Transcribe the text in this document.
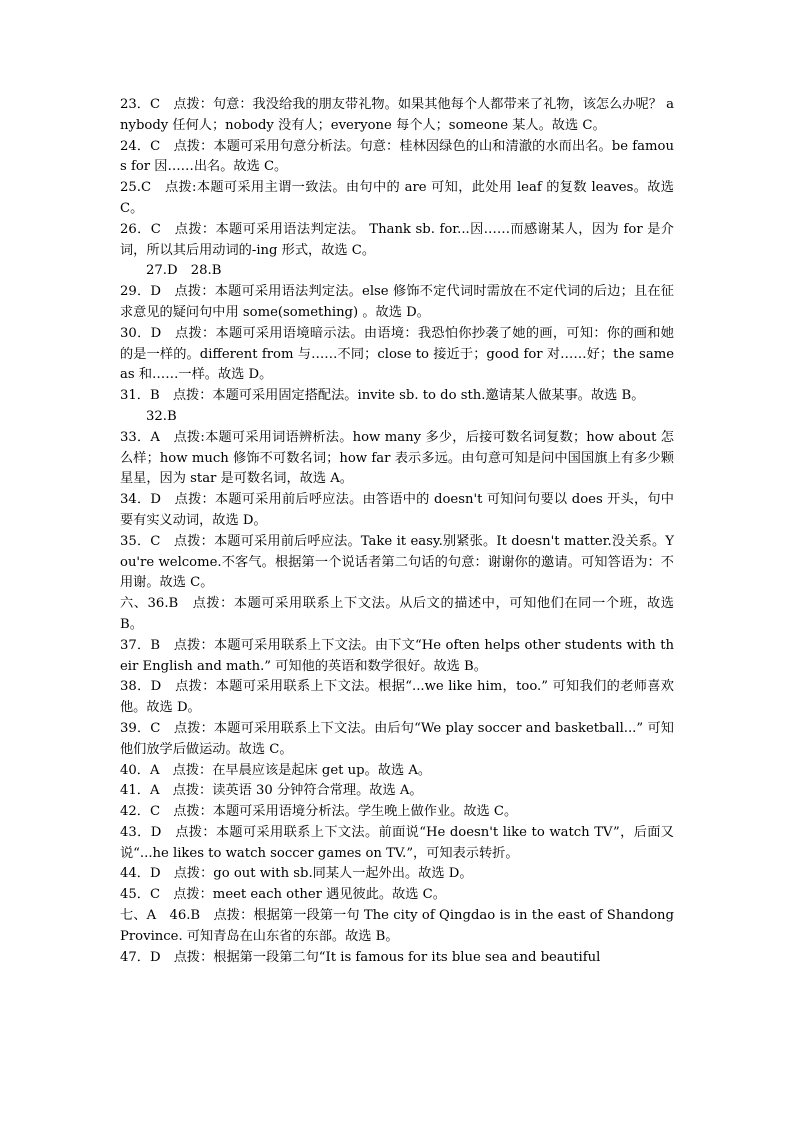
23．C　点拨：句意：我没给我的朋友带礼物。如果其他每个人都带来了礼物，该怎么办呢？ anybody 任何人；nobody 没有人；everyone 每个人；someone 某人。故选 C。

24．C　点拨：本题可采用句意分析法。句意：桂林因绿色的山和清澈的水而出名。be famous for 因……出名。故选 C。

25.C　点拨:本题可采用主谓一致法。由句中的 are 可知，此处用 leaf 的复数 leaves。故选 C。

26．C　点拨：本题可采用语法判定法。 Thank sb. for...因……而感谢某人，因为 for 是介词，所以其后用动词的-ing 形式，故选 C。

27.D　28.B

29．D　点拨：本题可采用语法判定法。else 修饰不定代词时需放在不定代词的后边；且在征求意见的疑问句中用 some(something) 。故选 D。

30．D　点拨：本题可采用语境暗示法。由语境：我恐怕你抄袭了她的画，可知：你的画和她的是一样的。different from 与……不同；close to 接近于；good for 对……好；the same as 和……一样。故选 D。

31．B　点拨：本题可采用固定搭配法。invite sb. to do sth.邀请某人做某事。故选 B。

32.B

33．A　点拨:本题可采用词语辨析法。how many 多少，后接可数名词复数；how about 怎么样；how much 修饰不可数名词；how far 表示多远。由句意可知是问中国国旗上有多少颗星星，因为 star 是可数名词，故选 A。

34．D　点拨：本题可采用前后呼应法。由答语中的 doesn't 可知问句要以 does 开头，句中要有实义动词，故选 D。

35．C　点拨：本题可采用前后呼应法。Take it easy.别紧张。It doesn't matter.没关系。You're welcome.不客气。根据第一个说话者第二句话的句意：谢谢你的邀请。可知答语为：不用谢。故选 C。

六、36.B　点拨：本题可采用联系上下文法。从后文的描述中，可知他们在同一个班，故选 B。

37．B　点拨：本题可采用联系上下文法。由下文“He often helps other students with their English and math.” 可知他的英语和数学很好。故选 B。

38．D　点拨：本题可采用联系上下文法。根据“...we like him，too.” 可知我们的老师喜欢他。故选 D。

39．C　点拨：本题可采用联系上下文法。由后句“We play soccer and basketball...” 可知他们放学后做运动。故选 C。

40．A　点拨：在早晨应该是起床 get up。故选 A。

41．A　点拨：读英语 30 分钟符合常理。故选 A。

42．C　点拨：本题可采用语境分析法。学生晚上做作业。故选 C。

43．D　点拨：本题可采用联系上下文法。前面说“He doesn't like to watch TV”，后面又说“...he likes to watch soccer games on TV.”，可知表示转折。

44．D　点拨：go out with sb.同某人一起外出。故选 D。

45．C　点拨：meet each other 遇见彼此。故选 C。

七、A　46.B　点拨：根据第一段第一句 The city of Qingdao is in the east of Shandong Province. 可知青岛在山东省的东部。故选 B。

47．D　点拨：根据第一段第二句“It is famous for its blue sea and beautiful
